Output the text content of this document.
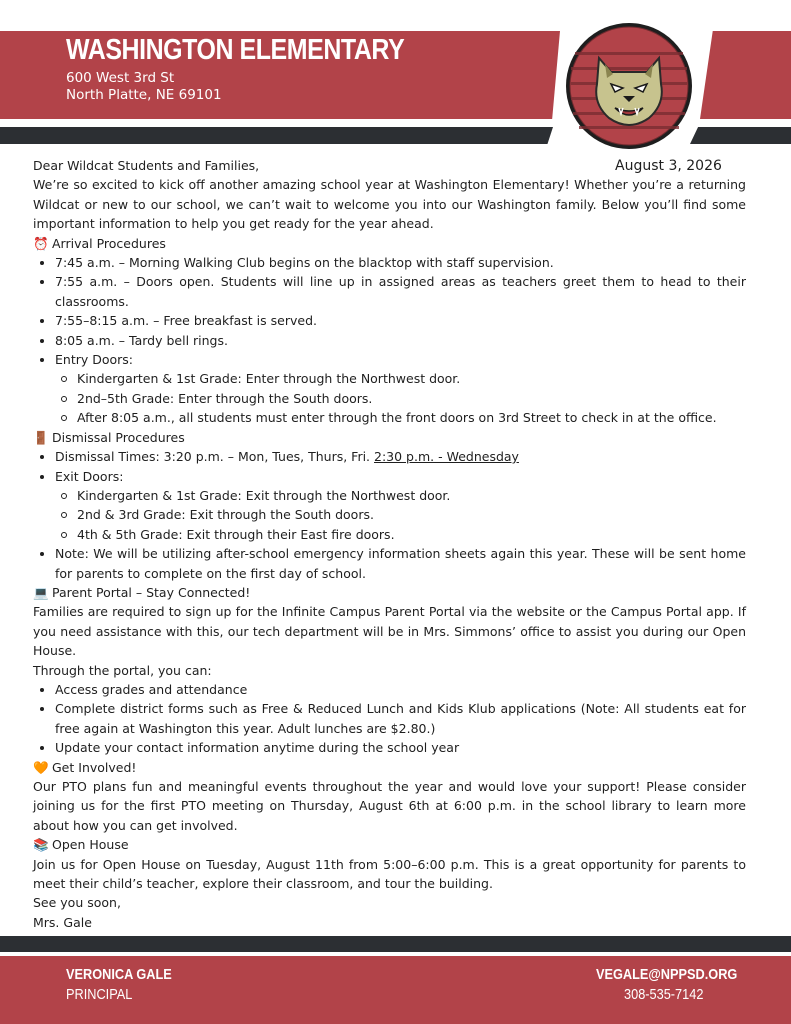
WASHINGTON ELEMENTARY
600 West 3rd St
North Platte, NE 69101
August 3, 2026

Dear Wildcat Students and Families,

We’re so excited to kick off another amazing school year at Washington Elementary! Whether you’re a returning Wildcat or new to our school, we can’t wait to welcome you into our Washington family. Below you’ll find some important information to help you get ready for the year ahead.

⏰ Arrival Procedures

7:45 a.m. – Morning Walking Club begins on the blacktop with staff supervision.
7:55 a.m. – Doors open. Students will line up in assigned areas as teachers greet them to head to their classrooms.
7:55–8:15 a.m. – Free breakfast is served.
8:05 a.m. – Tardy bell rings.
Entry Doors:
Kindergarten & 1st Grade: Enter through the Northwest door.
2nd–5th Grade: Enter through the South doors.
After 8:05 a.m., all students must enter through the front doors on 3rd Street to check in at the office.

🚪 Dismissal Procedures

Dismissal Times: 3:20 p.m. – Mon, Tues, Thurs, Fri. 2:30 p.m. - Wednesday
Exit Doors:
Kindergarten & 1st Grade: Exit through the Northwest door.
2nd & 3rd Grade: Exit through the South doors.
4th & 5th Grade: Exit through their East fire doors.
Note: We will be utilizing after-school emergency information sheets again this year. These will be sent home for parents to complete on the first day of school.

💻 Parent Portal – Stay Connected!

Families are required to sign up for the Infinite Campus Parent Portal via the website or the Campus Portal app. If you need assistance with this, our tech department will be in Mrs. Simmons’ office to assist you during our Open House.

Through the portal, you can:

Access grades and attendance
Complete district forms such as Free & Reduced Lunch and Kids Klub applications (Note: All students eat for free again at Washington this year. Adult lunches are $2.80.)
Update your contact information anytime during the school year

🧡 Get Involved!

Our PTO plans fun and meaningful events throughout the year and would love your support! Please consider joining us for the first PTO meeting on Thursday, August 6th at 6:00 p.m. in the school library to learn more about how you can get involved.

📚 Open House

Join us for Open House on Tuesday, August 11th from 5:00–6:00 p.m. This is a great opportunity for parents to meet their child’s teacher, explore their classroom, and tour the building.

See you soon,

Mrs. Gale

VERONICA GALE
PRINCIPAL
VEGALE@NPPSD.ORG
308-535-7142
